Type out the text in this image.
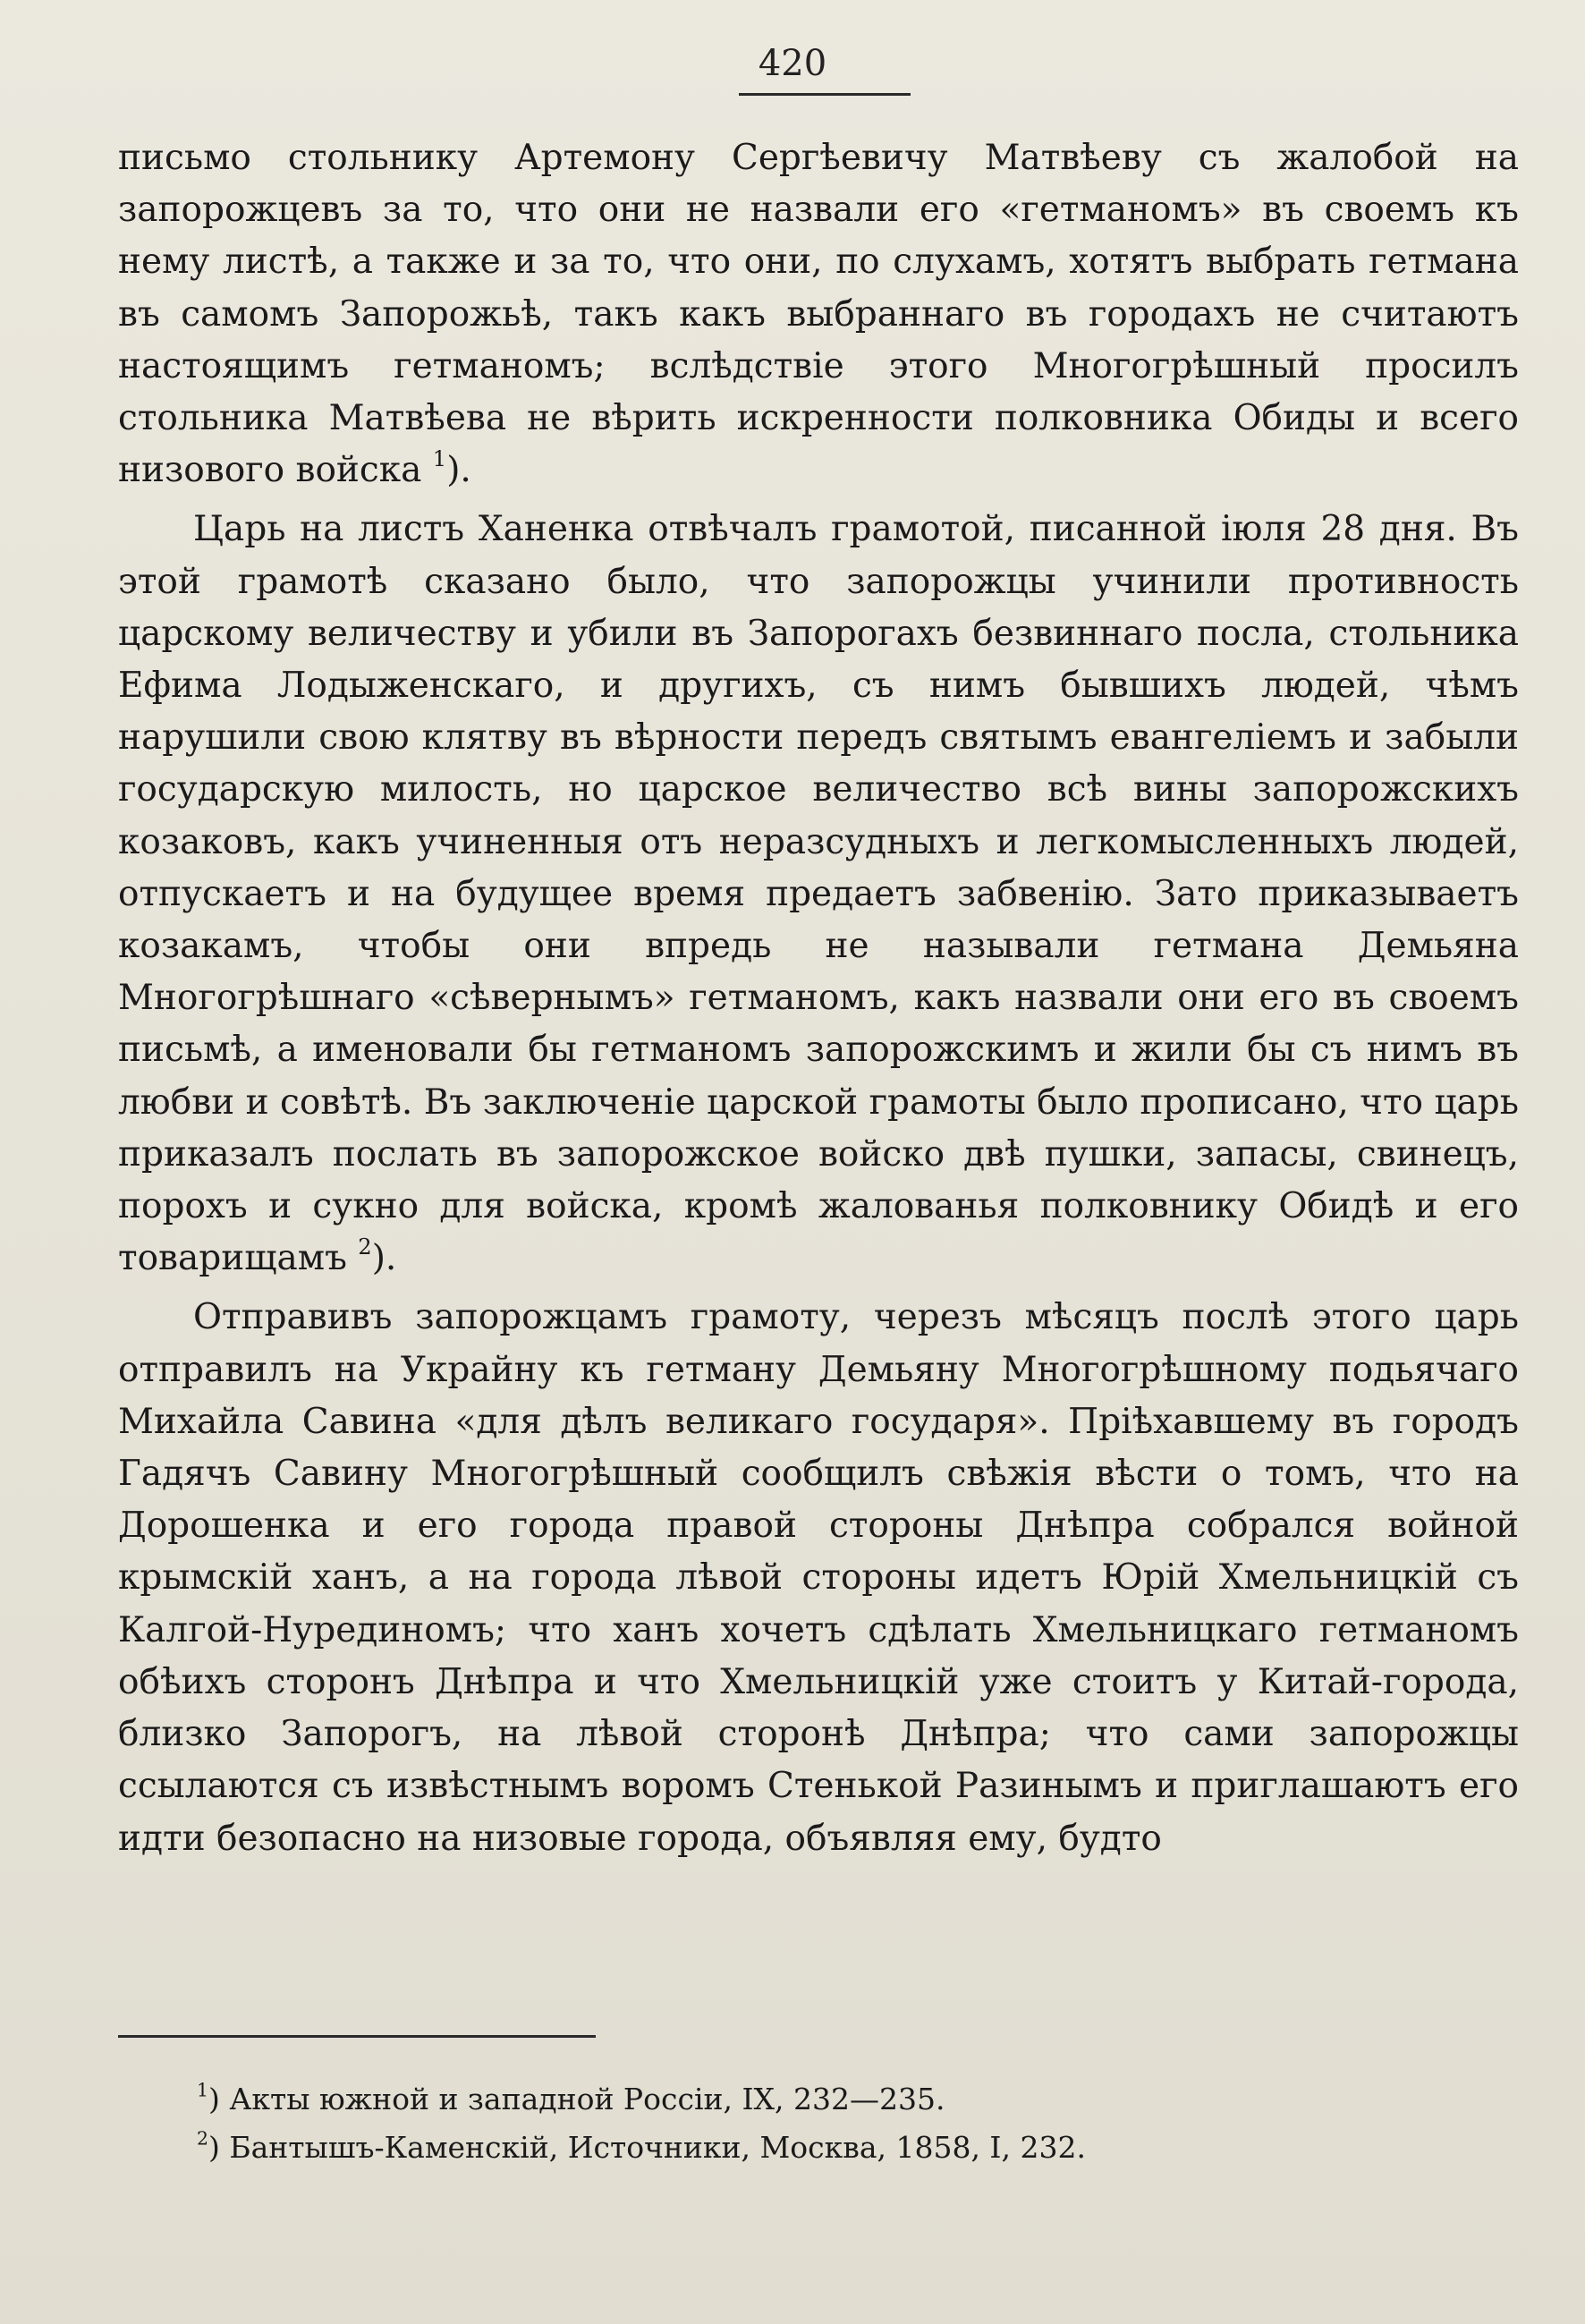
420

письмо стольнику Артемону Сергѣевичу Матвѣеву съ жалобой на запорожцевъ за то, что они не назвали его «гетманомъ» въ своемъ къ нему листѣ, а также и за то, что они, по слухамъ, хотятъ выбрать гетмана въ самомъ Запорожьѣ, такъ какъ выбраннаго въ городахъ не считаютъ настоящимъ гетманомъ; вслѣдствіе этого Многогрѣшный просилъ стольника Матвѣева не вѣрить искренности полковника Обиды и всего низового войска $^1$).

Царь на листъ Ханенка отвѣчалъ грамотой, писанной іюля 28 дня. Въ этой грамотѣ сказано было, что запорожцы учинили противность царскому величеству и убили въ Запорогахъ безвиннаго посла, стольника Ефима Лодыженскаго, и другихъ, съ нимъ бывшихъ людей, чѣмъ нарушили свою клятву въ вѣрности передъ святымъ евангеліемъ и забыли государскую милость, но царское величество всѣ вины запорожскихъ козаковъ, какъ учиненныя отъ неразсудныхъ и легкомысленныхъ людей, отпускаетъ и на будущее время предаетъ забвенію. Зато приказываетъ козакамъ, чтобы они впредь не называли гетмана Демьяна Многогрѣшнаго «сѣвернымъ» гетманомъ, какъ назвали они его въ своемъ письмѣ, а именовали бы гетманомъ запорожскимъ и жили бы съ нимъ въ любви и совѣтѣ. Въ заключеніе царской грамоты было прописано, что царь приказалъ послать въ запорожское войско двѣ пушки, запасы, свинецъ, порохъ и сукно для войска, кромѣ жалованья полковнику Обидѣ и его товарищамъ $^2$).

Отправивъ запорожцамъ грамоту, черезъ мѣсяцъ послѣ этого царь отправилъ на Украйну къ гетману Демьяну Многогрѣшному подьячаго Михайла Савина «для дѣлъ великаго государя». Пріѣхавшему въ городъ Гадячъ Савину Многогрѣшный сообщилъ свѣжія вѣсти о томъ, что на Дорошенка и его города правой стороны Днѣпра собрался войной крымскій ханъ, а на города лѣвой стороны идетъ Юрій Хмельницкій съ Калгой-Нурединомъ; что ханъ хочетъ сдѣлать Хмельницкаго гетманомъ обѣихъ сторонъ Днѣпра и что Хмельницкій уже стоитъ у Китай-города, близко Запорогъ, на лѣвой сторонѣ Днѣпра; что сами запорожцы ссылаются съ извѣстнымъ воромъ Стенькой Разинымъ и приглашаютъ его идти безопасно на низовые города, объявляя ему, будто

$^1$) Акты южной и западной Россіи, IX, 232—235.
$^2$) Бантышъ-Каменскій, Источники, Москва, 1858, I, 232.
